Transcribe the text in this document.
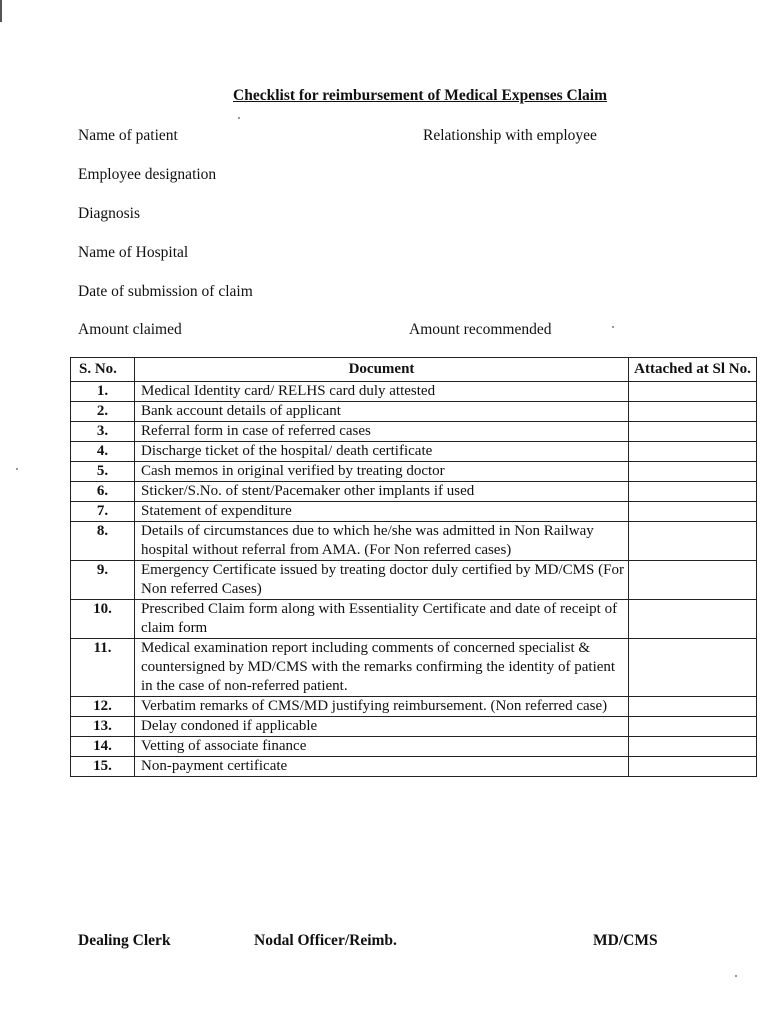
Checklist for reimbursement of Medical Expenses Claim
Name of patient	Relationship with employee
Employee designation
Diagnosis
Name of Hospital
Date of submission of claim
Amount claimed	Amount recommended
S. No.	Document	Attached at Sl No.
1.	Medical Identity card/ RELHS card duly attested	
2.	Bank account details of applicant	
3.	Referral form in case of referred cases	
4.	Discharge ticket of the hospital/ death certificate	
5.	Cash memos in original verified by treating doctor	
6.	Sticker/S.No. of stent/Pacemaker other implants if used	
7.	Statement of expenditure	
8.	Details of circumstances due to which he/she was admitted in Non Railway hospital without referral from AMA. (For Non referred cases)	
9.	Emergency Certificate issued by treating doctor duly certified by MD/CMS (For Non referred Cases)	
10.	Prescribed Claim form along with Essentiality Certificate and date of receipt of claim form	
11.	Medical examination report including comments of concerned specialist & countersigned by MD/CMS with the remarks confirming the identity of patient in the case of non-referred patient.	
12.	Verbatim remarks of CMS/MD justifying reimbursement. (Non referred case)	
13.	Delay condoned if applicable	
14.	Vetting of associate finance	
15.	Non-payment certificate	
Dealing Clerk	Nodal Officer/Reimb.	MD/CMS
